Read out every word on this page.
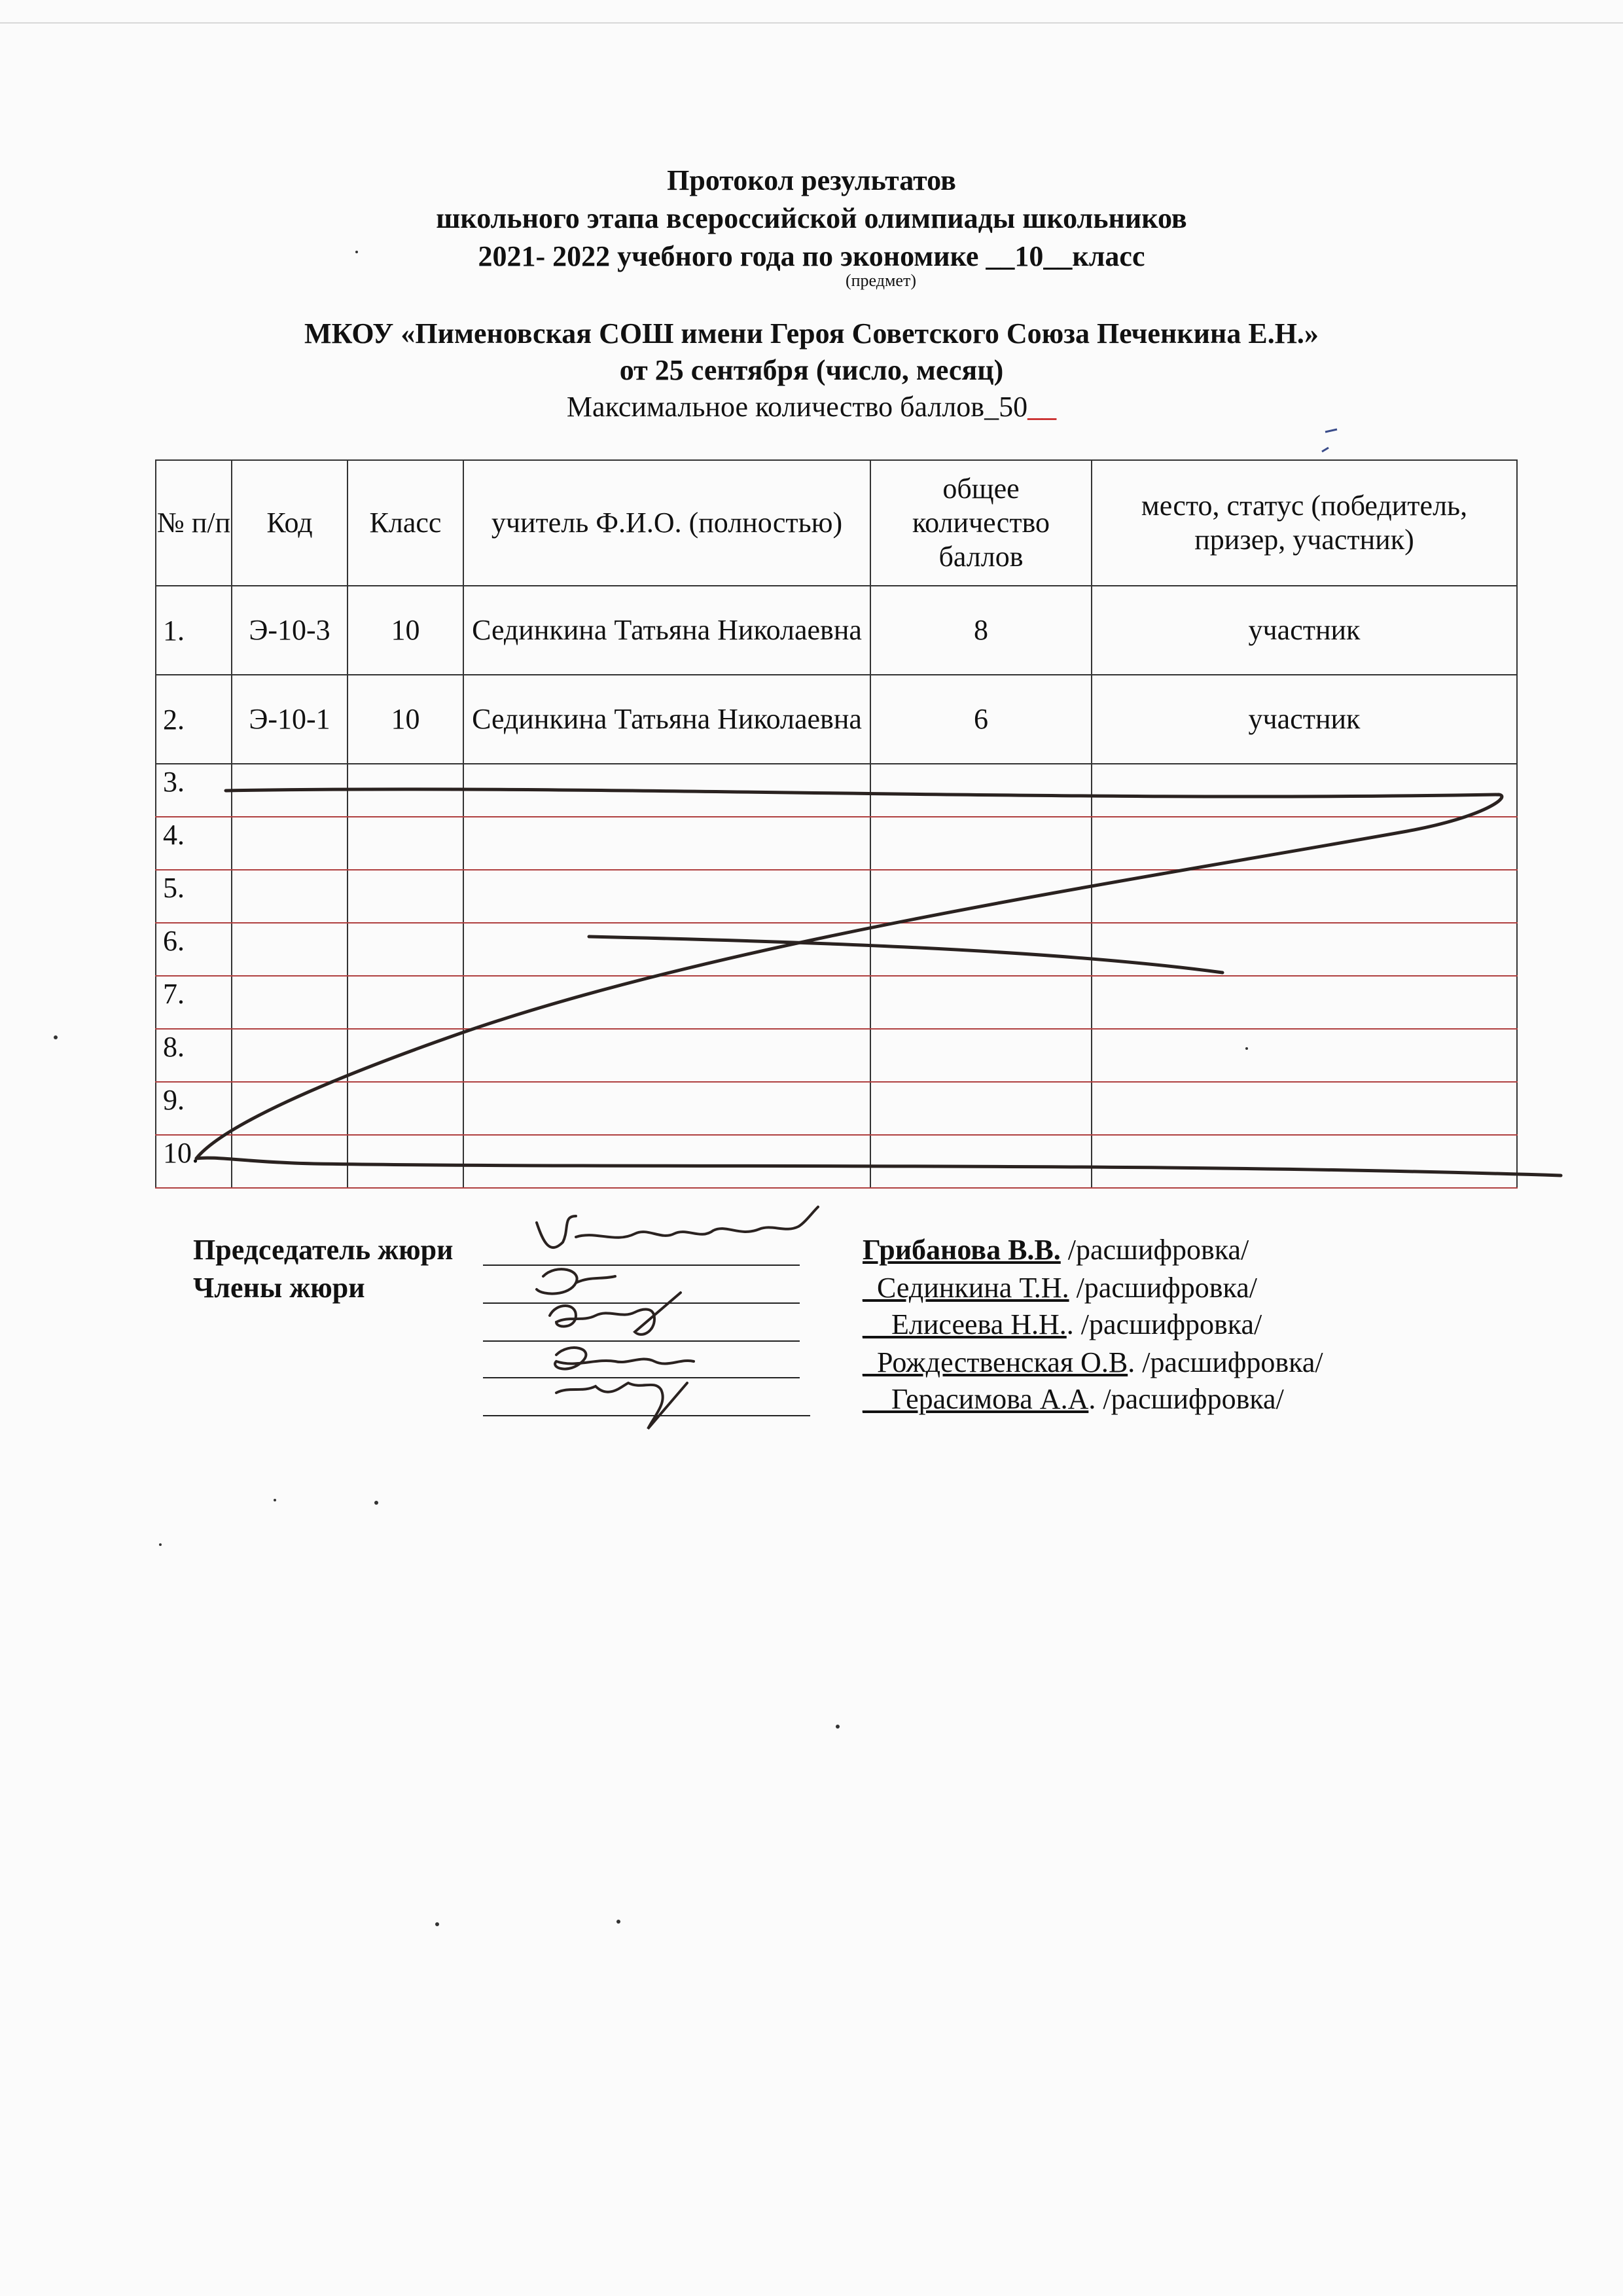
Протокол результатов
школьного этапа всероссийской олимпиады школьников
2021- 2022 учебного года по экономике __10__класс
(предмет)
МКОУ «Пименовская СОШ имени Героя Советского Союза Печенкина Е.Н.»
от 25 сентября (число, месяц)
Максимальное количество баллов_50__
№ п/п	Код	Класс	учитель Ф.И.О. (полностью)	общее количество баллов	место, статус (победитель, призер, участник)
1.	Э-10-3	10	Сединкина Татьяна Николаевна	8	участник
2.	Э-10-1	10	Сединкина Татьяна Николаевна	6	участник
3.					
4.					
5.					
6.					
7.					
8.					
9.					
10.					
Председатель жюри
Члены жюри
Грибанова В.В. /расшифровка/
_Сединкина Т.Н. /расшифровка/
__Елисеева Н.Н.. /расшифровка/
_Рождественская О.В. /расшифровка/
__Герасимова А.А. /расшифровка/
